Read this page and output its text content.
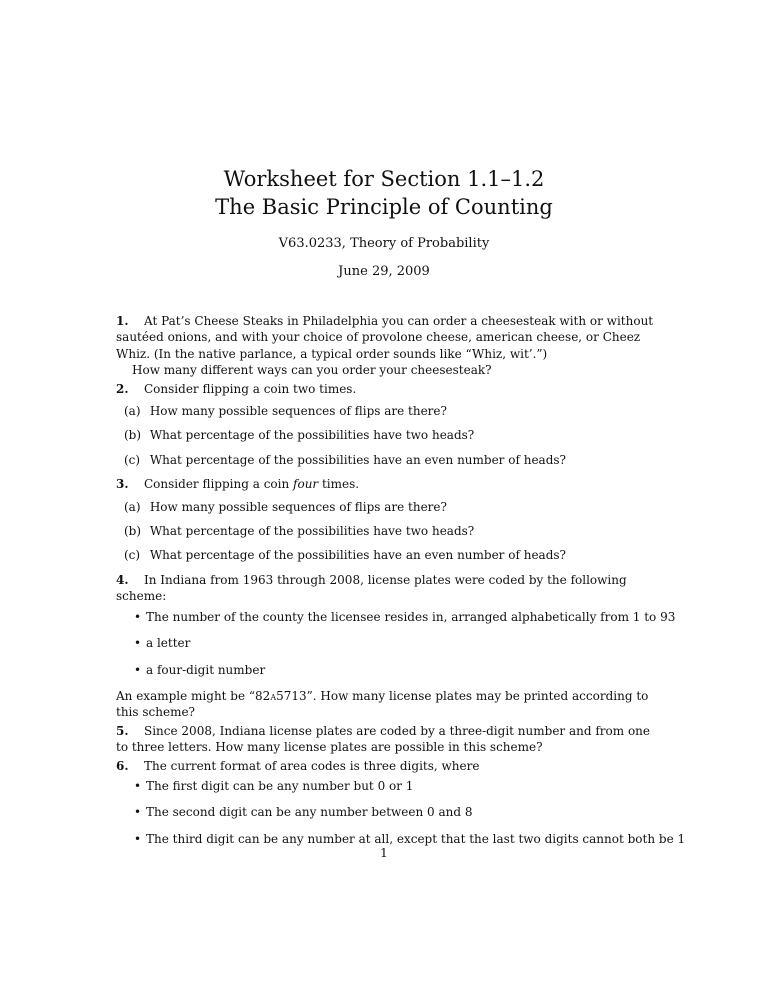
Worksheet for Section 1.1–1.2
The Basic Principle of Counting
V63.0233, Theory of Probability
June 29, 2009

1. At Pat’s Cheese Steaks in Philadelphia you can order a cheesesteak with or without sautéed onions, and with your choice of provolone cheese, american cheese, or Cheez Whiz. (In the native parlance, a typical order sounds like “Whiz, wit’.”)

How many different ways can you order your cheesesteak?

2. Consider flipping a coin two times.

(a) How many possible sequences of flips are there?
(b) What percentage of the possibilities have two heads?
(c) What percentage of the possibilities have an even number of heads?

3. Consider flipping a coin four times.

(a) How many possible sequences of flips are there?
(b) What percentage of the possibilities have two heads?
(c) What percentage of the possibilities have an even number of heads?

4. In Indiana from 1963 through 2008, license plates were coded by the following scheme:

• The number of the county the licensee resides in, arranged alphabetically from 1 to 93
• a letter
• a four-digit number

An example might be “82a5713”. How many license plates may be printed according to this scheme?

5. Since 2008, Indiana license plates are coded by a three-digit number and from one to three letters. How many license plates are possible in this scheme?

6. The current format of area codes is three digits, where

• The first digit can be any number but 0 or 1
• The second digit can be any number between 0 and 8
• The third digit can be any number at all, except that the last two digits cannot both be 1
1
